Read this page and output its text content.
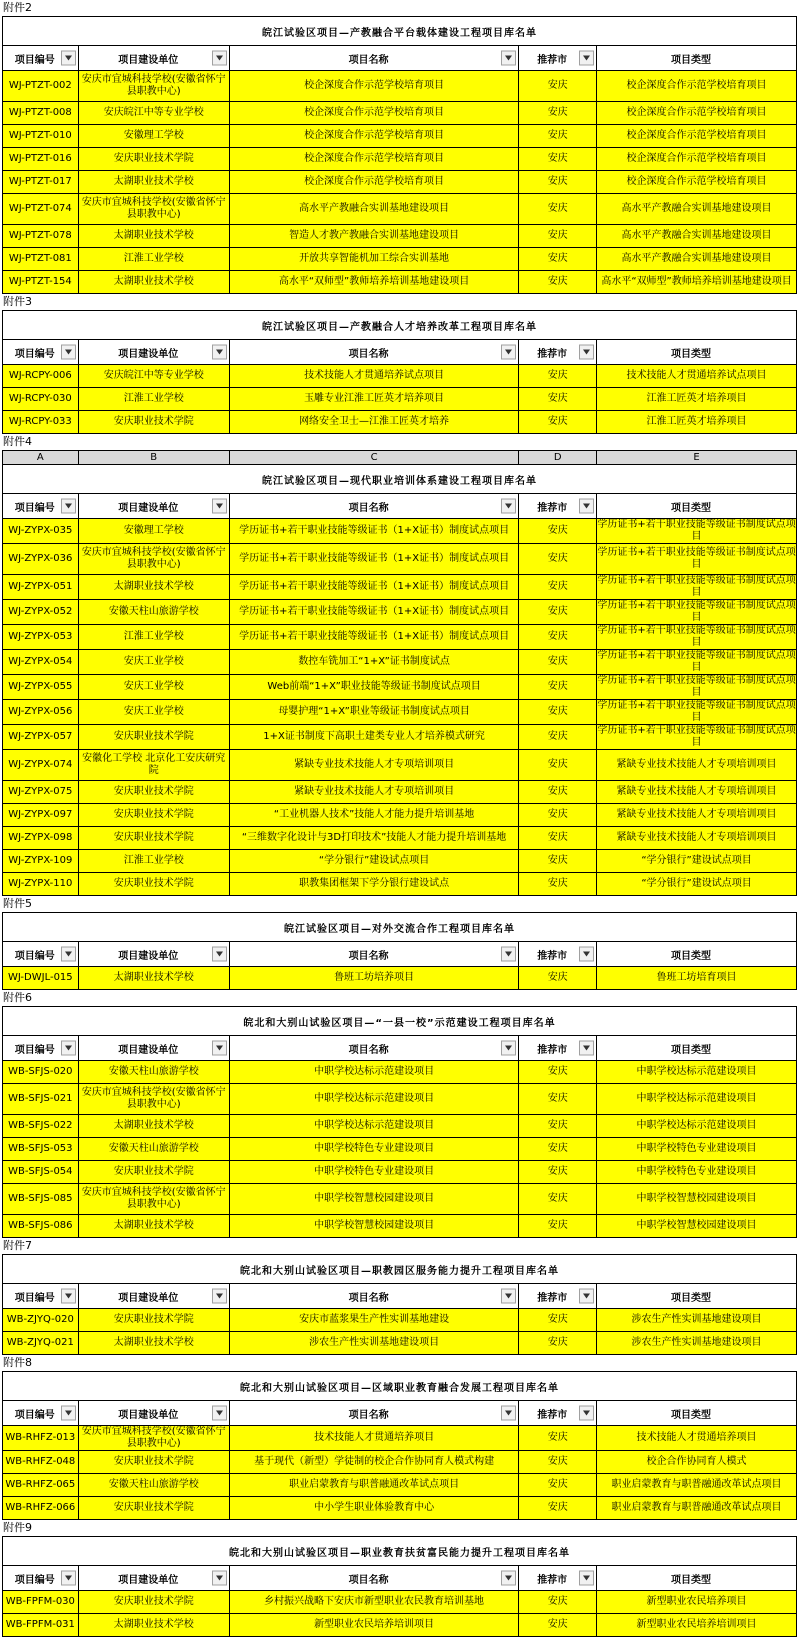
附件2
皖江试验区项目—产教融合平台载体建设工程项目库名单				

项目编号	项目建设单位	项目名称	推荐市	项目类型

WJ-PTZT-002	安庆市宜城科技学校(安徽省怀宁县职教中心)	校企深度合作示范学校培育项目	安庆	校企深度合作示范学校培育项目
WJ-PTZT-008	安庆皖江中等专业学校	校企深度合作示范学校培育项目	安庆	校企深度合作示范学校培育项目
WJ-PTZT-010	安徽理工学校	校企深度合作示范学校培育项目	安庆	校企深度合作示范学校培育项目
WJ-PTZT-016	安庆职业技术学院	校企深度合作示范学校培育项目	安庆	校企深度合作示范学校培育项目
WJ-PTZT-017	太湖职业技术学校	校企深度合作示范学校培育项目	安庆	校企深度合作示范学校培育项目
WJ-PTZT-074	安庆市宜城科技学校(安徽省怀宁县职教中心)	高水平产教融合实训基地建设项目	安庆	高水平产教融合实训基地建设项目
WJ-PTZT-078	太湖职业技术学校	智造人才教产教融合实训基地建设项目	安庆	高水平产教融合实训基地建设项目
WJ-PTZT-081	江淮工业学校	开放共享智能机加工综合实训基地	安庆	高水平产教融合实训基地建设项目
WJ-PTZT-154	太湖职业技术学校	高水平“双师型”教师培养培训基地建设项目	安庆	高水平“双师型”教师培养培训基地建设项目
附件3
皖江试验区项目—产教融合人才培养改革工程项目库名单				

项目编号	项目建设单位	项目名称	推荐市	项目类型

WJ-RCPY-006	安庆皖江中等专业学校	技术技能人才贯通培养试点项目	安庆	技术技能人才贯通培养试点项目
WJ-RCPY-030	江淮工业学校	玉雕专业江淮工匠英才培养项目	安庆	江淮工匠英才培养项目
WJ-RCPY-033	安庆职业技术学院	网络安全卫士—江淮工匠英才培养	安庆	江淮工匠英才培养项目
附件4
A	B	C	D	E
皖江试验区项目—现代职业培训体系建设工程项目库名单				

项目编号	项目建设单位	项目名称	推荐市	项目类型

WJ-ZYPX-035	安徽理工学校	学历证书+若干职业技能等级证书（1+X证书）制度试点项目	安庆	学历证书+若干职业技能等级证书制度试点项目
WJ-ZYPX-036	安庆市宜城科技学校(安徽省怀宁县职教中心)	学历证书+若干职业技能等级证书（1+X证书）制度试点项目	安庆	学历证书+若干职业技能等级证书制度试点项目
WJ-ZYPX-051	太湖职业技术学校	学历证书+若干职业技能等级证书（1+X证书）制度试点项目	安庆	学历证书+若干职业技能等级证书制度试点项目
WJ-ZYPX-052	安徽天柱山旅游学校	学历证书+若干职业技能等级证书（1+X证书）制度试点项目	安庆	学历证书+若干职业技能等级证书制度试点项目
WJ-ZYPX-053	江淮工业学校	学历证书+若干职业技能等级证书（1+X证书）制度试点项目	安庆	学历证书+若干职业技能等级证书制度试点项目
WJ-ZYPX-054	安庆工业学校	数控车铣加工“1+X”证书制度试点	安庆	学历证书+若干职业技能等级证书制度试点项目
WJ-ZYPX-055	安庆工业学校	Web前端“1+X”职业技能等级证书制度试点项目	安庆	学历证书+若干职业技能等级证书制度试点项目
WJ-ZYPX-056	安庆工业学校	母婴护理“1+X”职业等级证书制度试点项目	安庆	学历证书+若干职业技能等级证书制度试点项目
WJ-ZYPX-057	安庆职业技术学院	1+X证书制度下高职土建类专业人才培养模式研究	安庆	学历证书+若干职业技能等级证书制度试点项目
WJ-ZYPX-074	安徽化工学校 北京化工安庆研究院	紧缺专业技术技能人才专项培训项目	安庆	紧缺专业技术技能人才专项培训项目
WJ-ZYPX-075	安庆职业技术学院	紧缺专业技术技能人才专项培训项目	安庆	紧缺专业技术技能人才专项培训项目
WJ-ZYPX-097	安庆职业技术学院	“工业机器人技术”技能人才能力提升培训基地	安庆	紧缺专业技术技能人才专项培训项目
WJ-ZYPX-098	安庆职业技术学院	“三维数字化设计与3D打印技术”技能人才能力提升培训基地	安庆	紧缺专业技术技能人才专项培训项目
WJ-ZYPX-109	江淮工业学校	“学分银行”建设试点项目	安庆	“学分银行”建设试点项目
WJ-ZYPX-110	安庆职业技术学院	职教集团框架下学分银行建设试点	安庆	“学分银行”建设试点项目
附件5
皖江试验区项目—对外交流合作工程项目库名单				

项目编号	项目建设单位	项目名称	推荐市	项目类型

WJ-DWJL-015	太湖职业技术学校	鲁班工坊培养项目	安庆	鲁班工坊培育项目
附件6
皖北和大别山试验区项目—“一县一校”示范建设工程项目库名单				

项目编号	项目建设单位	项目名称	推荐市	项目类型

WB-SFJS-020	安徽天柱山旅游学校	中职学校达标示范建设项目	安庆	中职学校达标示范建设项目
WB-SFJS-021	安庆市宜城科技学校(安徽省怀宁县职教中心)	中职学校达标示范建设项目	安庆	中职学校达标示范建设项目
WB-SFJS-022	太湖职业技术学校	中职学校达标示范建设项目	安庆	中职学校达标示范建设项目
WB-SFJS-053	安徽天柱山旅游学校	中职学校特色专业建设项目	安庆	中职学校特色专业建设项目
WB-SFJS-054	安庆职业技术学院	中职学校特色专业建设项目	安庆	中职学校特色专业建设项目
WB-SFJS-085	安庆市宜城科技学校(安徽省怀宁县职教中心)	中职学校智慧校园建设项目	安庆	中职学校智慧校园建设项目
WB-SFJS-086	太湖职业技术学校	中职学校智慧校园建设项目	安庆	中职学校智慧校园建设项目
附件7
皖北和大别山试验区项目—职教园区服务能力提升工程项目库名单				

项目编号	项目建设单位	项目名称	推荐市	项目类型

WB-ZJYQ-020	安庆职业技术学院	安庆市蓝浆果生产性实训基地建设	安庆	涉农生产性实训基地建设项目
WB-ZJYQ-021	太湖职业技术学校	涉农生产性实训基地建设项目	安庆	涉农生产性实训基地建设项目
附件8
皖北和大别山试验区项目—区域职业教育融合发展工程项目库名单				

项目编号	项目建设单位	项目名称	推荐市	项目类型

WB-RHFZ-013	安庆市宜城科技学校(安徽省怀宁县职教中心)	技术技能人才贯通培养项目	安庆	技术技能人才贯通培养项目
WB-RHFZ-048	安庆职业技术学院	基于现代（新型）学徒制的校企合作协同育人模式构建	安庆	校企合作协同育人模式
WB-RHFZ-065	安徽天柱山旅游学校	职业启蒙教育与职普融通改革试点项目	安庆	职业启蒙教育与职普融通改革试点项目
WB-RHFZ-066	安庆职业技术学院	中小学生职业体验教育中心	安庆	职业启蒙教育与职普融通改革试点项目
附件9
皖北和大别山试验区项目—职业教育扶贫富民能力提升工程项目库名单				

项目编号	项目建设单位	项目名称	推荐市	项目类型

WB-FPFM-030	安庆职业技术学院	乡村振兴战略下安庆市新型职业农民教育培训基地	安庆	新型职业农民培养项目
WB-FPFM-031	太湖职业技术学校	新型职业农民培养培训项目	安庆	新型职业农民培养培训项目
